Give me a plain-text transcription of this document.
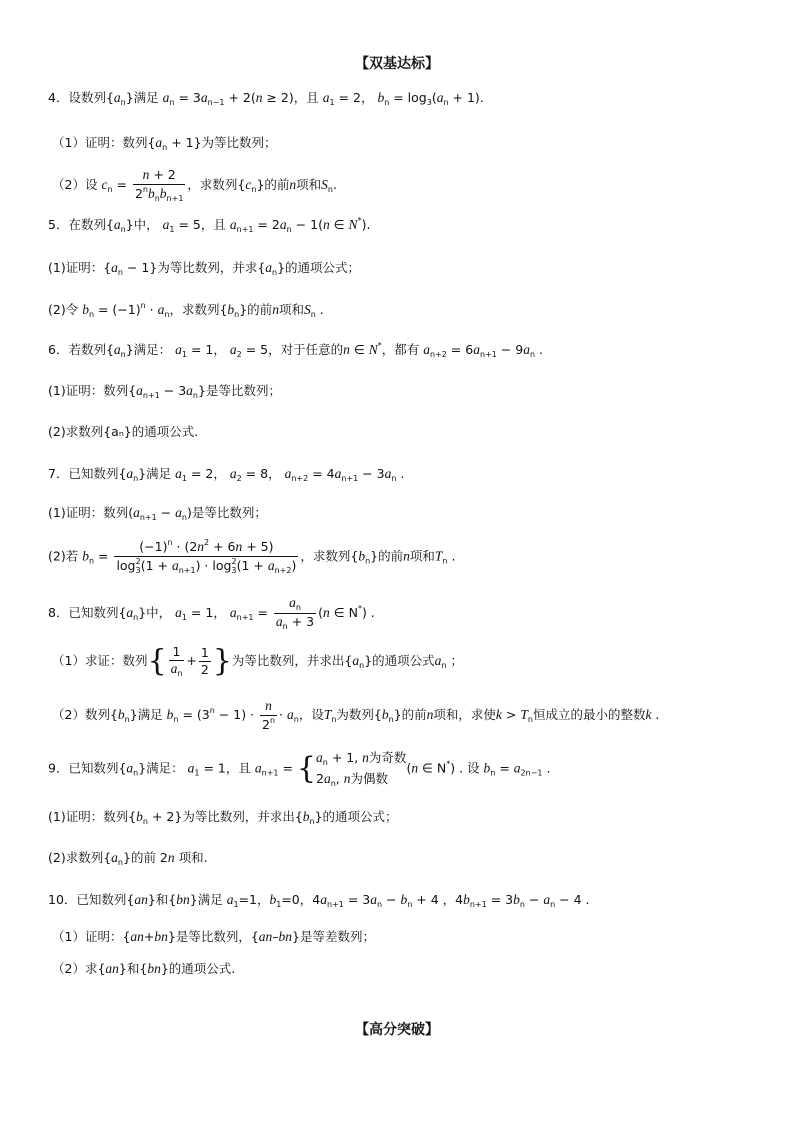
【双基达标】
4．设数列$\{a_n\}$满足 $a_n = 3a_{n-1} + 2(n \ge 2)$，且 $a_1 = 2$， $b_n = \log_3(a_n + 1)$.
（1）证明：数列$\{a_n + 1\}$为等比数列；
（2）设 $c_n = \frac{n + 2}{2^nb_nb_{n+1}}$ ，求数列$\{c_n\}$的前n项和$S_n$.
5．在数列$\{a_n\}$中， $a_1 = 5$，且 $a_{n+1} = 2a_n - 1(n$ ∈ N*).
(1)证明：$\{a_n - 1\}$为等比数列，并求$\{a_n\}$的通项公式；
(2)令 $b_n = (-1)^n \cdot a_n$，求数列$\{b_n\}$的前n项和$S_n$ .
6．若数列$\{a_n\}$满足： $a_1 = 1$， $a_2 = 5$，对于任意的n ∈ N*，都有 $a_{n+2} = 6a_{n+1} - 9a_n$ .
(1)证明：数列$\{a_{n+1} - 3a_n\}$是等比数列；
(2)求数列{aₙ}的通项公式.
7．已知数列$\{a_n\}$满足 $a_1 = 2$， $a_2 = 8$， $a_{n+2} = 4a_{n+1} - 3a_n$ .
(1)证明：数列$(a_{n+1} - a_n)$是等比数列；
(2)若 $b_n = \frac{(-1)^n \cdot (2n^2 + 6n + 5)}{\log_3^2(1 + a_{n+1}) \cdot \log_3^2(1 + a_{n+2})}$ ，求数列$\{b_n\}$的前n项和$T_n$ .
8．已知数列$\{a_n\}$中， $a_1 = 1$， $a_{n+1} = \frac{a_n}{a_n + 3} (n$ ∈ N*) .
（1）求证：数列{ $\frac{1}{a_n} + \frac{1}{2}$ }为等比数列，并求出$\{a_n\}$的通项公式$a_n$ ；
（2）数列$\{b_n\}$满足 $b_n = (3^n - 1) \cdot \frac{n}{2^n} \cdot a_n$，设$T_n$为数列$\{b_n\}$的前n项和，求使$k > T_n$恒成立的最小的整数k .
9．已知数列$\{a_n\}$满足： $a_1 = 1$，且 $a_{n+1}$ = { $a_n + 1$, n为奇数
$2a_n$, n为偶数
(n ∈ N*) . 设 $b_n = a_{2n-1}$ .
(1)证明：数列$\{b_n + 2\}$为等比数列，并求出$\{b_n\}$的通项公式；
(2)求数列$\{a_n\}$的前 2n 项和.
10．已知数列{an}和{bn}满足 $a_1=1$，$b_1=0$，$4a_{n+1} = 3a_n - b_n + 4$ ，$4b_{n+1} = 3b_n - a_n - 4$ .
（1）证明：{an+bn}是等比数列，{an–bn}是等差数列；
（2）求{an}和{bn}的通项公式.
【高分突破】
